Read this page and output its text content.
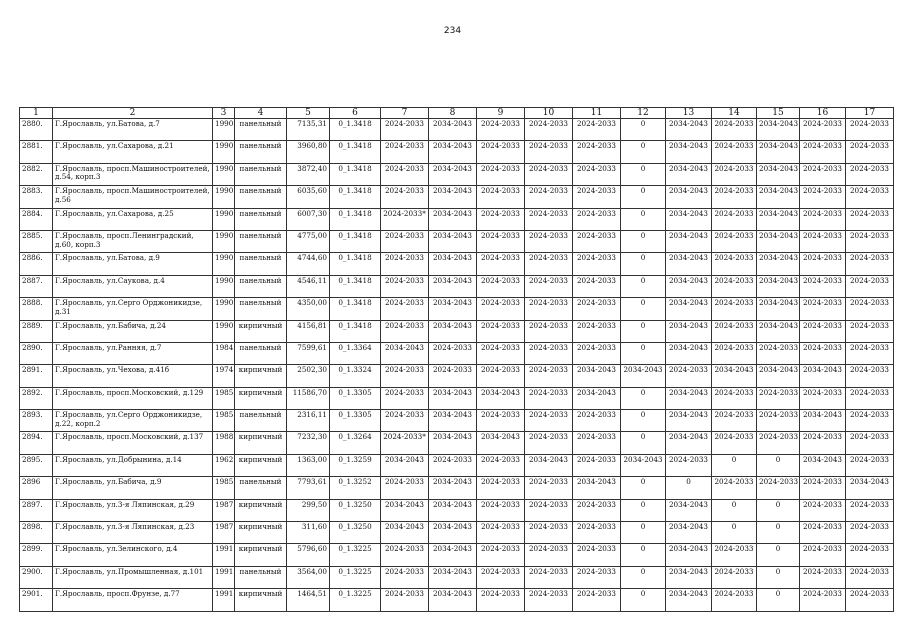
234
1	2	3	4	5	6	7	8	9	10	11	12	13	14	15	16	17
2880.	Г.Ярославль, ул.Батова, д.7	1990	панельный	7135,31	0_1.3418	2024-2033	2034-2043	2024-2033	2024-2033	2024-2033	0	2034-2043	2024-2033	2034-2043	2024-2033	2024-2033
2881.	Г.Ярославль, ул.Сахарова, д.21	1990	панельный	3960,80	0_1.3418	2024-2033	2034-2043	2024-2033	2024-2033	2024-2033	0	2034-2043	2024-2033	2034-2043	2024-2033	2024-2033
2882.	Г.Ярославль, просп.Машиностроителей, д.54, корп.3	1990	панельный	3872,40	0_1.3418	2024-2033	2034-2043	2024-2033	2024-2033	2024-2033	0	2034-2043	2024-2033	2034-2043	2024-2033	2024-2033
2883.	Г.Ярославль, просп.Машиностроителей, д.56	1990	панельный	6035,60	0_1.3418	2024-2033	2034-2043	2024-2033	2024-2033	2024-2033	0	2034-2043	2024-2033	2034-2043	2024-2033	2024-2033
2884.	Г.Ярославль, ул.Сахарова, д.25	1990	панельный	6007,30	0_1.3418	2024-2033*	2034-2043	2024-2033	2024-2033	2024-2033	0	2034-2043	2024-2033	2034-2043	2024-2033	2024-2033
2885.	Г.Ярославль, просп.Ленинградский, д.60, корп.3	1990	панельный	4775,00	0_1.3418	2024-2033	2034-2043	2024-2033	2024-2033	2024-2033	0	2034-2043	2024-2033	2034-2043	2024-2033	2024-2033
2886.	Г.Ярославль, ул.Батова, д.9	1990	панельный	4744,60	0_1.3418	2024-2033	2034-2043	2024-2033	2024-2033	2024-2033	0	2034-2043	2024-2033	2034-2043	2024-2033	2024-2033
2887.	Г.Ярославль, ул.Саукова, д.4	1990	панельный	4546,11	0_1.3418	2024-2033	2034-2043	2024-2033	2024-2033	2024-2033	0	2034-2043	2024-2033	2034-2043	2024-2033	2024-2033
2888.	Г.Ярославль, ул.Серго Орджоникидзе, д.31	1990	панельный	4350,00	0_1.3418	2024-2033	2034-2043	2024-2033	2024-2033	2024-2033	0	2034-2043	2024-2033	2034-2043	2024-2033	2024-2033
2889.	Г.Ярославль, ул.Бабича, д.24	1990	кирпичный	4156,81	0_1.3418	2024-2033	2034-2043	2024-2033	2024-2033	2024-2033	0	2034-2043	2024-2033	2034-2043	2024-2033	2024-2033
2890.	Г.Ярославль, ул.Ранняя, д.7	1984	панельный	7599,61	0_1.3364	2034-2043	2024-2033	2024-2033	2024-2033	2024-2033	0	2034-2043	2024-2033	2024-2033	2024-2033	2024-2033
2891.	Г.Ярославль, ул.Чехова, д.41б	1974	кирпичный	2502,30	0_1.3324	2024-2033	2024-2033	2024-2033	2024-2033	2034-2043	2034-2043	2024-2033	2034-2043	2034-2043	2034-2043	2024-2033
2892.	Г.Ярославль, просп.Московский, д.129	1985	кирпичный	11586,70	0_1.3305	2024-2033	2034-2043	2034-2043	2024-2033	2034-2043	0	2034-2043	2024-2033	2024-2033	2024-2033	2024-2033
2893.	Г.Ярославль, ул.Серго Орджоникидзе, д.22, корп.2	1985	панельный	2316,11	0_1.3305	2024-2033	2034-2043	2024-2033	2024-2033	2024-2033	0	2034-2043	2024-2033	2024-2033	2034-2043	2024-2033
2894.	Г.Ярославль, просп.Московский, д.137	1988	кирпичный	7232,30	0_1.3264	2024-2033*	2034-2043	2034-2043	2024-2033	2024-2033	0	2034-2043	2024-2033	2024-2033	2024-2033	2024-2033
2895.	Г.Ярославль, ул.Добрынина, д.14	1962	кирпичный	1363,00	0_1.3259	2034-2043	2024-2033	2024-2033	2034-2043	2024-2033	2034-2043	2024-2033	0	0	2034-2043	2024-2033
2896	Г.Ярославль, ул.Бабича, д.9	1985	панельный	7793,61	0_1.3252	2024-2033	2034-2043	2024-2033	2024-2033	2034-2043	0	0	2024-2033	2024-2033	2024-2033	2034-2043
2897.	Г.Ярославль, ул.3-я Ляпинская, д.29	1987	кирпичный	299,50	0_1.3250	2034-2043	2034-2043	2024-2033	2024-2033	2024-2033	0	2034-2043	0	0	2024-2033	2024-2033
2898.	Г.Ярославль, ул.3-я Ляпинская, д.23	1987	кирпичный	311,60	0_1.3250	2034-2043	2034-2043	2024-2033	2024-2033	2024-2033	0	2034-2043	0	0	2024-2033	2024-2033
2899.	Г.Ярославль, ул.Зелинского, д.4	1991	кирпичный	5796,60	0_1.3225	2024-2033	2034-2043	2024-2033	2024-2033	2024-2033	0	2034-2043	2024-2033	0	2024-2033	2024-2033
2900.	Г.Ярославль, ул.Промышленная, д.101	1991	панельный	3564,00	0_1.3225	2024-2033	2034-2043	2024-2033	2024-2033	2024-2033	0	2034-2043	2024-2033	0	2024-2033	2024-2033
2901.	Г.Ярославль, просп.Фрунзе, д.77	1991	кирпичный	1464,51	0_1.3225	2024-2033	2034-2043	2024-2033	2024-2033	2024-2033	0	2034-2043	2024-2033	0	2024-2033	2024-2033
